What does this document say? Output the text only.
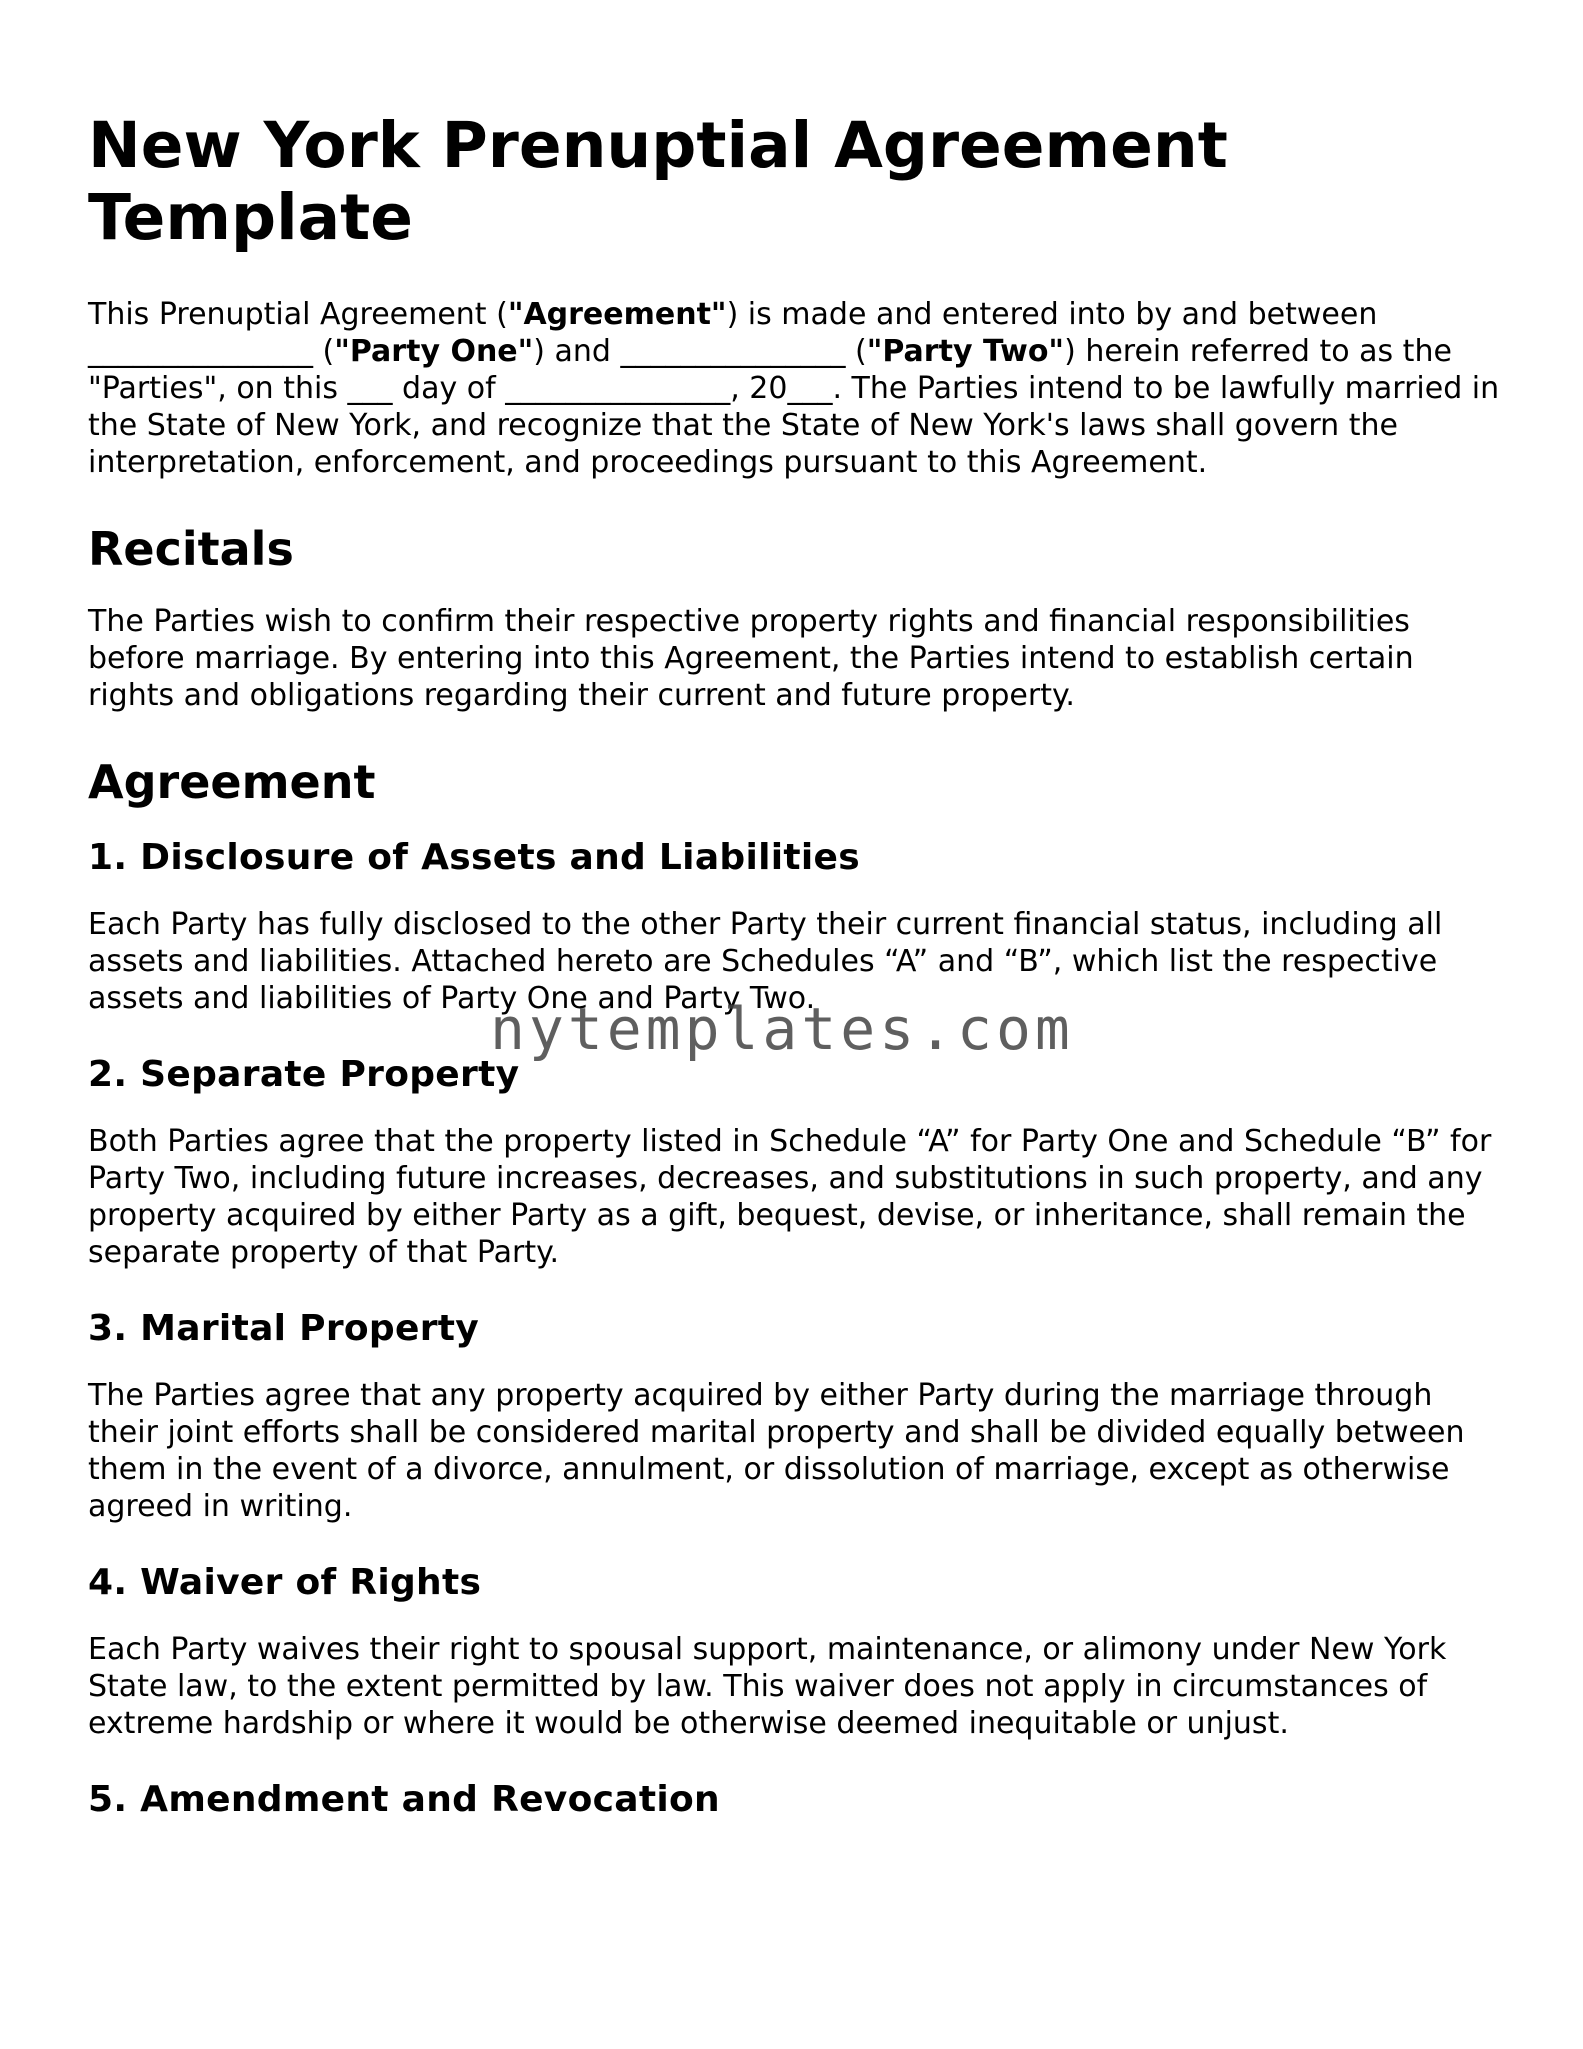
New York Prenuptial Agreement Template

This Prenuptial Agreement ("Agreement") is made and entered into by and between _______________ ("Party One") and _______________ ("Party Two") herein referred to as the "Parties", on this ___ day of _______________, 20___. The Parties intend to be lawfully married in the State of New York, and recognize that the State of New York's laws shall govern the interpretation, enforcement, and proceedings pursuant to this Agreement.

Recitals

The Parties wish to confirm their respective property rights and financial responsibilities before marriage. By entering into this Agreement, the Parties intend to establish certain rights and obligations regarding their current and future property.

Agreement
1. Disclosure of Assets and Liabilities

Each Party has fully disclosed to the other Party their current financial status, including all assets and liabilities. Attached hereto are Schedules “A” and “B”, which list the respective assets and liabilities of Party One and Party Two.

2. Separate Property

Both Parties agree that the property listed in Schedule “A” for Party One and Schedule “B” for Party Two, including future increases, decreases, and substitutions in such property, and any property acquired by either Party as a gift, bequest, devise, or inheritance, shall remain the separate property of that Party.

3. Marital Property

The Parties agree that any property acquired by either Party during the marriage through their joint efforts shall be considered marital property and shall be divided equally between them in the event of a divorce, annulment, or dissolution of marriage, except as otherwise agreed in writing.

4. Waiver of Rights

Each Party waives their right to spousal support, maintenance, or alimony under New York State law, to the extent permitted by law. This waiver does not apply in circumstances of extreme hardship or where it would be otherwise deemed inequitable or unjust.

5. Amendment and Revocation
nytemplates.com
